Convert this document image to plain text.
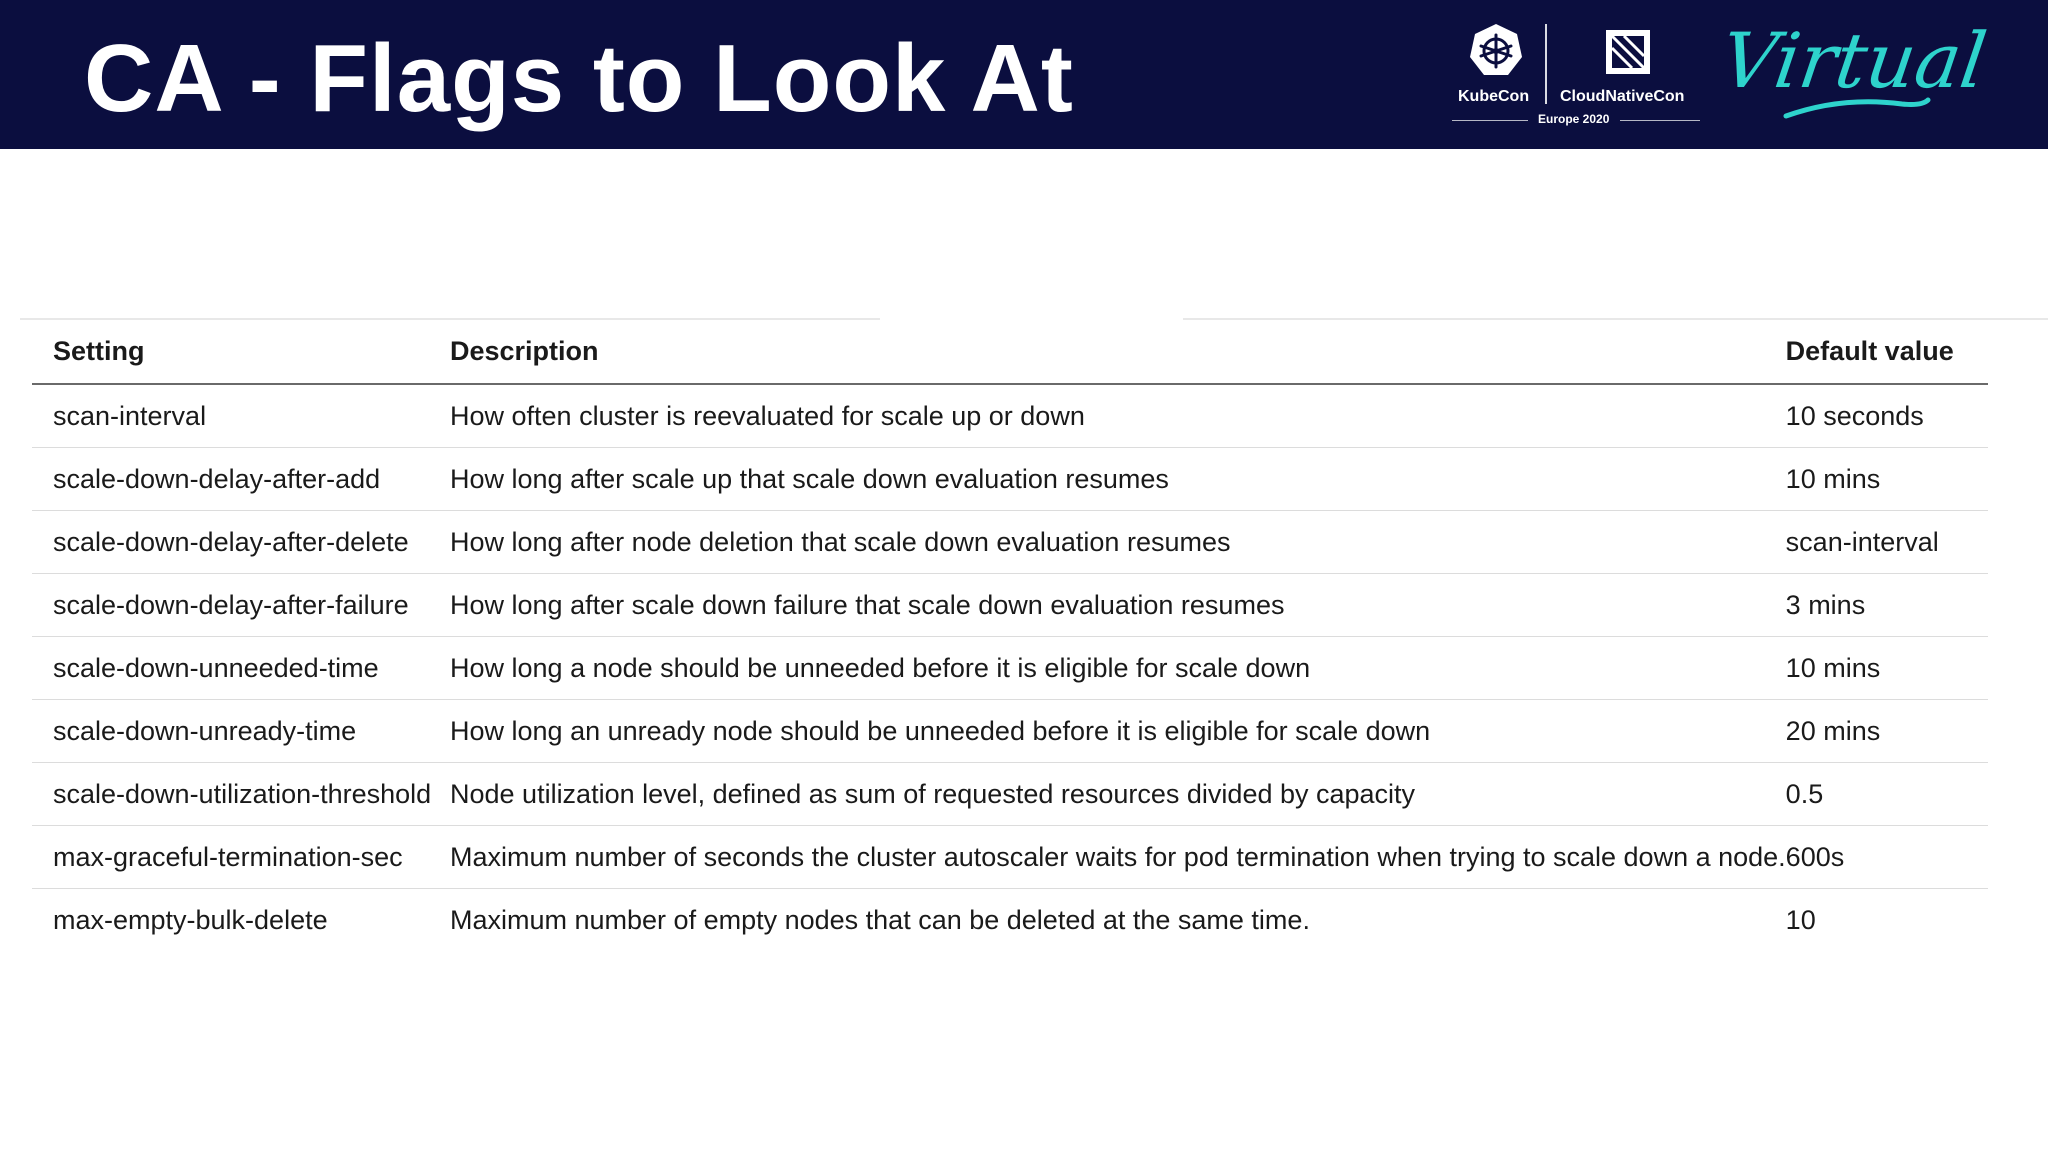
CA - Flags to Look At	KubeCon CloudNativeCon
Europe 2020
Virtual
Setting	Description	Default value
scan-interval	How often cluster is reevaluated for scale up or down	10 seconds
scale-down-delay-after-add	How long after scale up that scale down evaluation resumes	10 mins
scale-down-delay-after-delete	How long after node deletion that scale down evaluation resumes	scan-interval
scale-down-delay-after-failure	How long after scale down failure that scale down evaluation resumes	3 mins
scale-down-unneeded-time	How long a node should be unneeded before it is eligible for scale down	10 mins
scale-down-unready-time	How long an unready node should be unneeded before it is eligible for scale down	20 mins
scale-down-utilization-threshold	Node utilization level, defined as sum of requested resources divided by capacity	0.5
max-graceful-termination-sec	Maximum number of seconds the cluster autoscaler waits for pod termination when trying to scale down a node.	600s
max-empty-bulk-delete	Maximum number of empty nodes that can be deleted at the same time.	10
